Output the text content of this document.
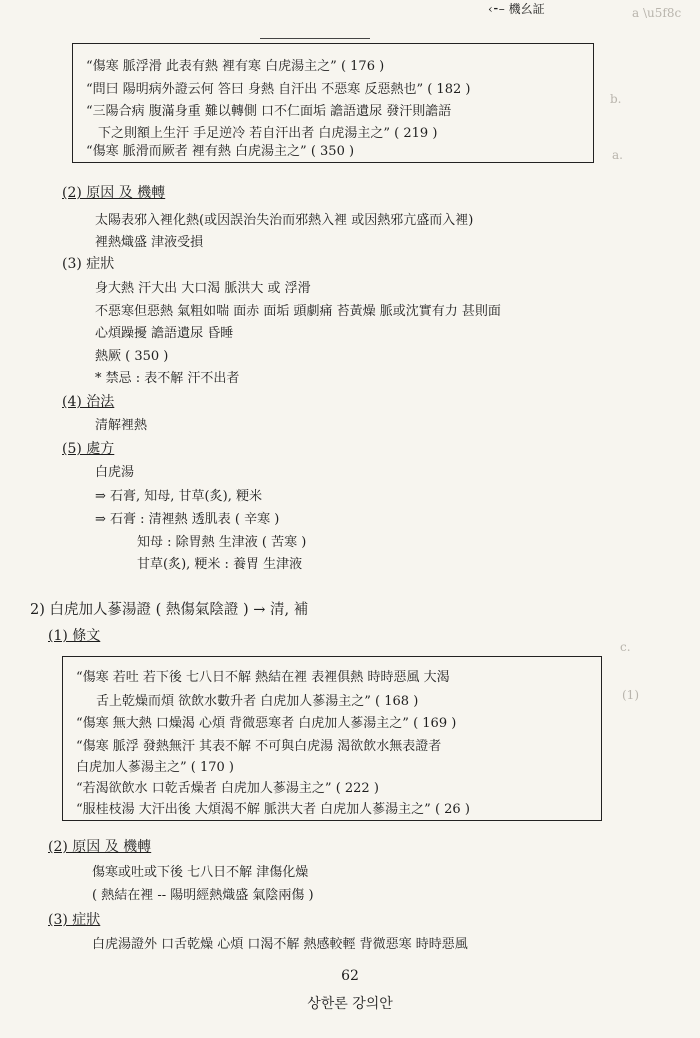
a \u5f8c
b.
a.
c.
(1)
‹⁃– 機幺証
“傷寒 脈浮滑 此表有熱 裡有寒 白虎湯主之” ( 176 )
“問曰 陽明病外證云何 答曰 身熱 自汗出 不惡寒 反惡熱也” ( 182 )
“三陽合病 腹滿身重 難以轉側 口不仁面垢 譫語遺尿 發汗則譫語
下之則額上生汗 手足逆冷 若自汗出者 白虎湯主之” ( 219 )
“傷寒 脈滑而厥者 裡有熱 白虎湯主之” ( 350 )
(2) 原因 及 機轉
太陽表邪入裡化熱(或因誤治失治而邪熱入裡 或因熱邪亢盛而入裡)
裡熱熾盛 津液受損
(3) 症狀
身大熱 汗大出 大口渴 脈洪大 或 浮滑
不惡寒但惡熱 氣粗如喘 面赤 面垢 頭劇痛 苔黃燥 脈或沈實有力 甚則面
心煩躁擾 譫語遺尿 昏睡
熱厥 ( 350 )
* 禁忌 : 表不解 汗不出者
(4) 治法
清解裡熱
(5) 處方
白虎湯
⇒ 石膏, 知母, 甘草(炙), 粳米
⇒ 石膏 : 清裡熱 透肌表 ( 辛寒 )
知母 : 除胃熱 生津液 ( 苦寒 )
甘草(炙), 粳米 : 養胃 生津液
2) 白虎加人蔘湯證 ( 熱傷氣陰證 ) → 清, 補
(1) 條文
“傷寒 若吐 若下後 七八日不解 熱結在裡 表裡俱熱 時時惡風 大渴
舌上乾燥而煩 欲飲水數升者 白虎加人蔘湯主之” ( 168 )
“傷寒 無大熱 口燥渴 心煩 背微惡寒者 白虎加人蔘湯主之” ( 169 )
“傷寒 脈浮 發熱無汗 其表不解 不可與白虎湯 渴欲飲水無表證者
白虎加人蔘湯主之” ( 170 )
“若渴欲飲水 口乾舌燥者 白虎加人蔘湯主之” ( 222 )
“服桂枝湯 大汗出後 大煩渴不解 脈洪大者 白虎加人蔘湯主之” ( 26 )
(2) 原因 及 機轉
傷寒或吐或下後 七八日不解 津傷化燥
( 熱結在裡 -- 陽明經熱熾盛 氣陰兩傷 )
(3) 症狀
白虎湯證外 口舌乾燥 心煩 口渴不解 熱感較輕 背微惡寒 時時惡風
62
상한론 강의안
